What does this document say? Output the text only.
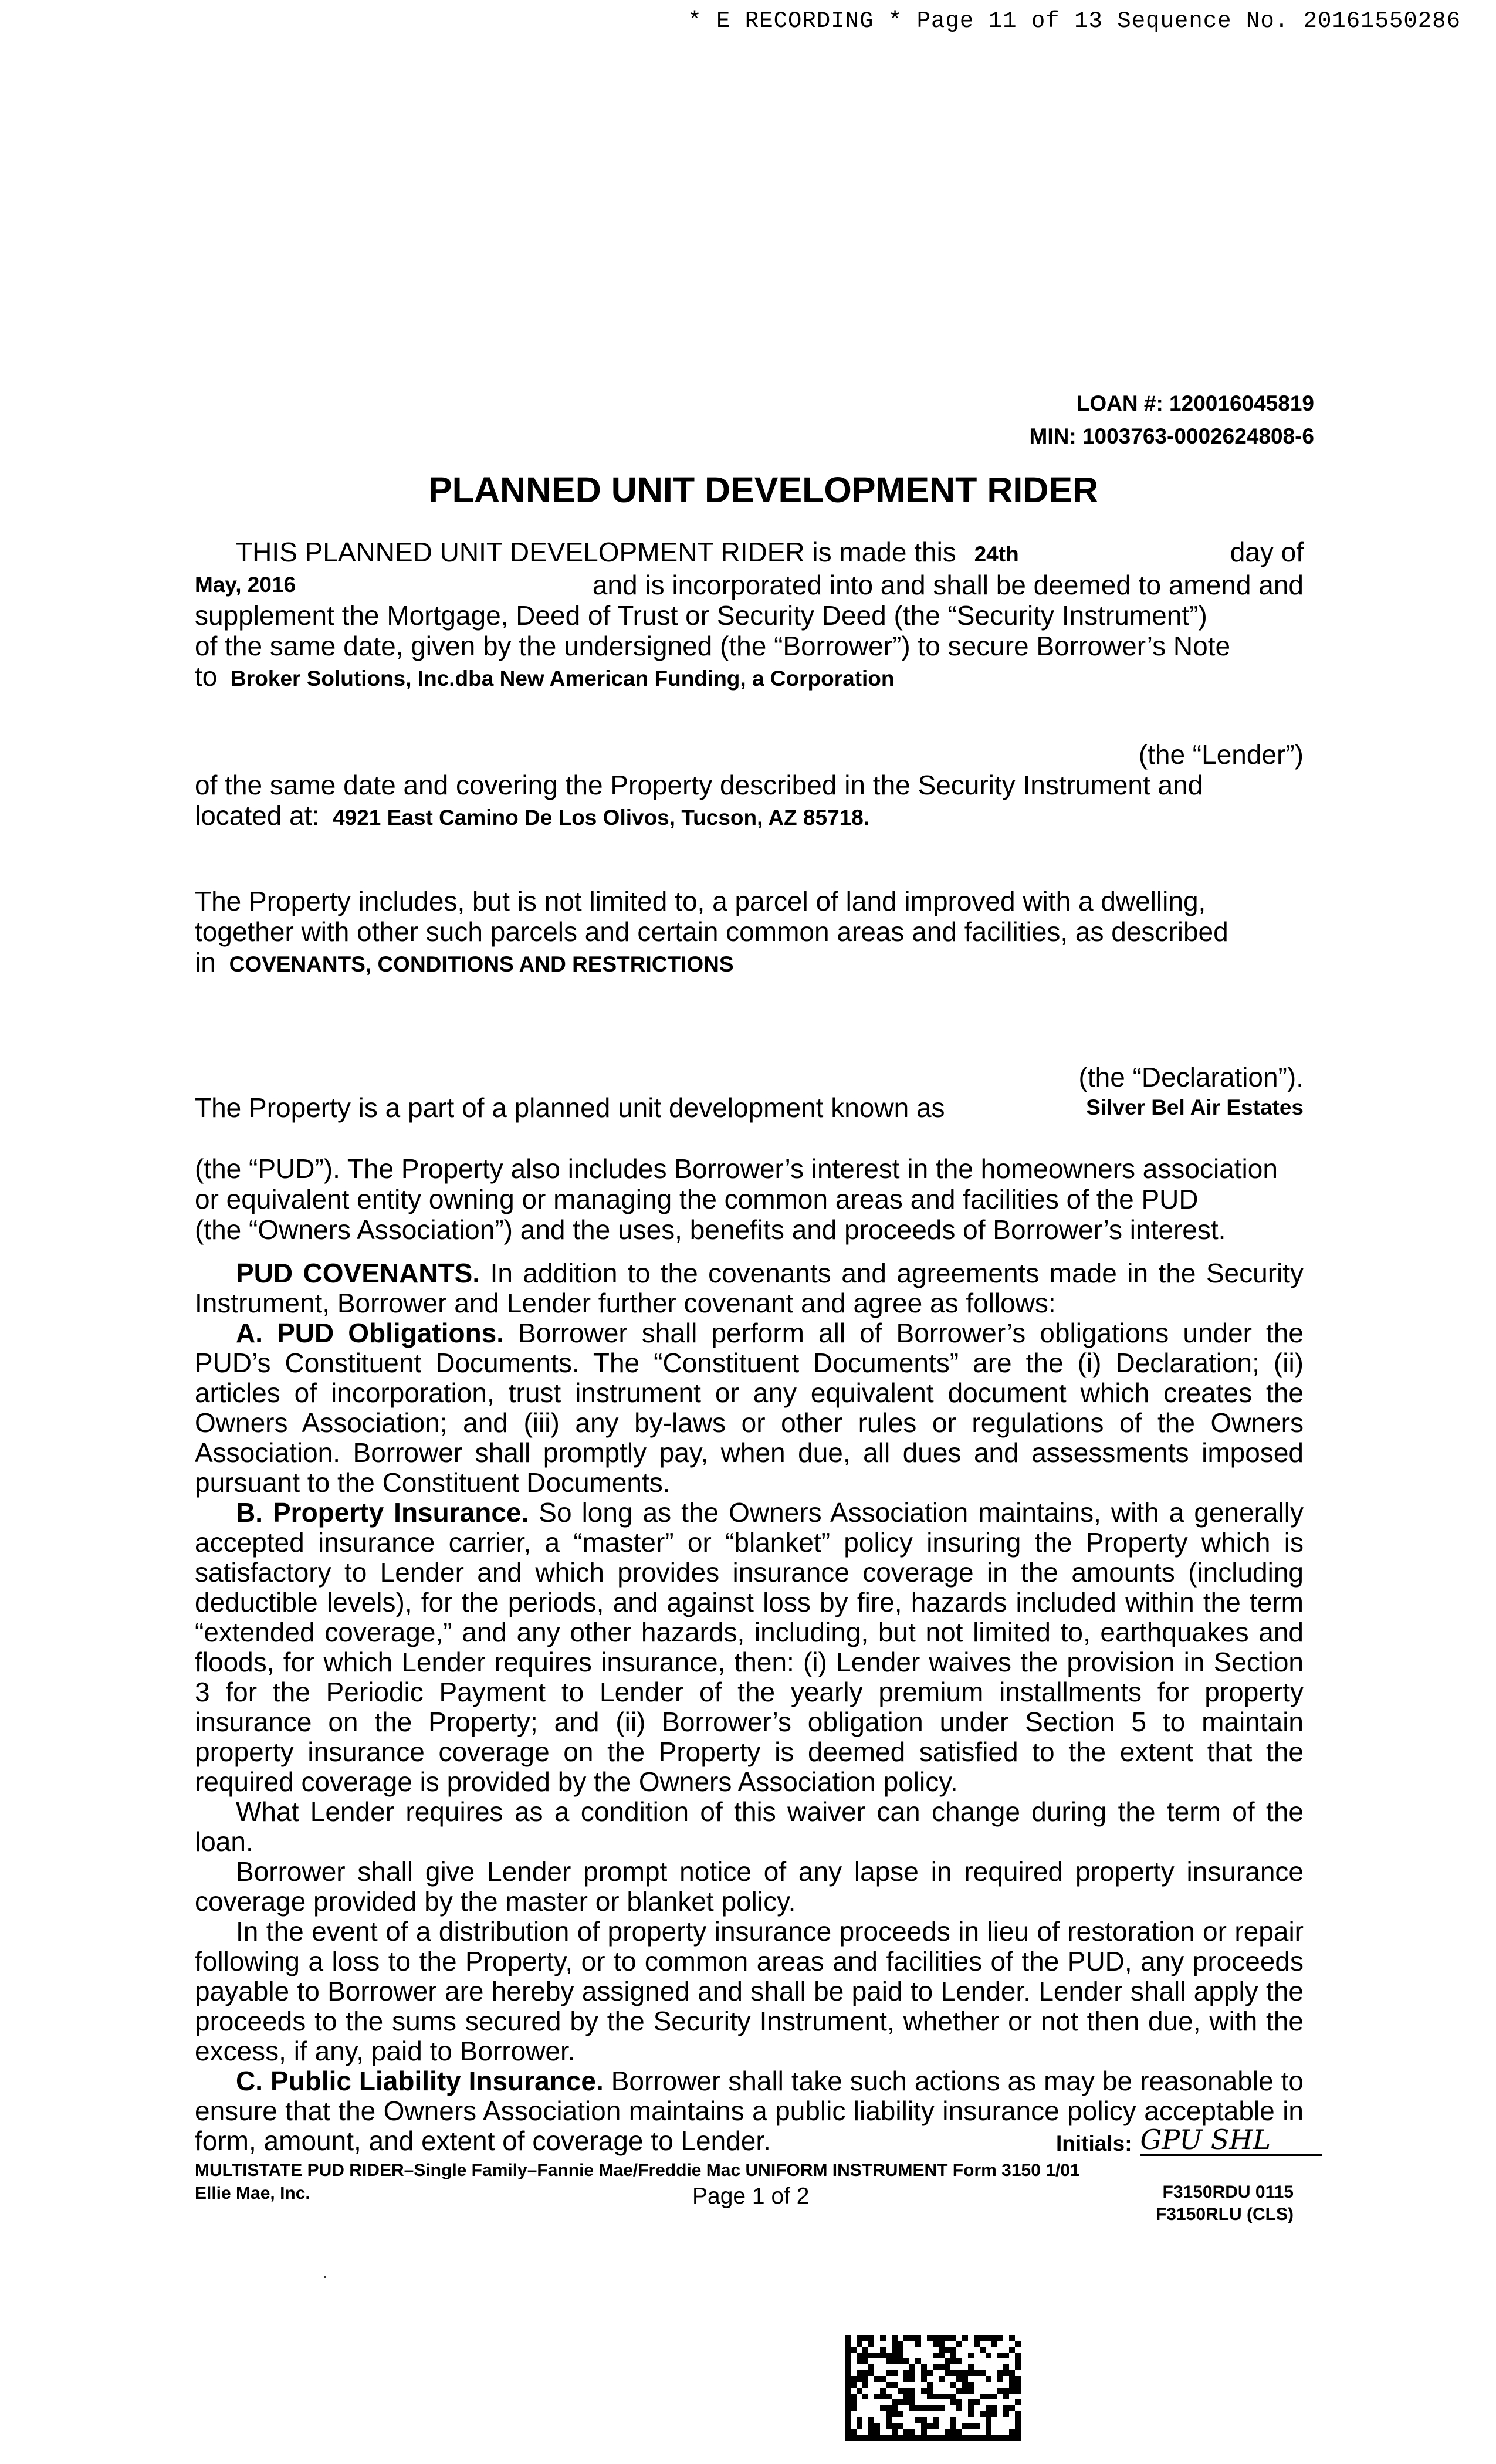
* E RECORDING * Page 11 of 13 Sequence No. 20161550286
LOAN #: 120016045819
MIN: 1003763-0002624808-6
PLANNED UNIT DEVELOPMENT RIDER
THIS PLANNED UNIT DEVELOPMENT RIDER is made this 24th	day of
May, 2016	and is incorporated into and shall be deemed to amend and
supplement the Mortgage, Deed of Trust or Security Deed (the “Security Instrument”)
of the same date, given by the undersigned (the “Borrower”) to secure Borrower’s Note
to Broker Solutions, Inc.dba New American Funding, a Corporation
(the “Lender”)
of the same date and covering the Property described in the Security Instrument and
located at: 4921 East Camino De Los Olivos, Tucson, AZ 85718.
The Property includes, but is not limited to, a parcel of land improved with a dwelling,
together with other such parcels and certain common areas and facilities, as described
in COVENANTS, CONDITIONS AND RESTRICTIONS
(the “Declaration”).
The Property is a part of a planned unit development known as	Silver Bel Air Estates
(the “PUD”). The Property also includes Borrower’s interest in the homeowners association
or equivalent entity owning or managing the common areas and facilities of the PUD
(the “Owners Association”) and the uses, benefits and proceeds of Borrower’s interest.
PUD COVENANTS. In addition to the covenants and agreements made in the Security Instrument, Borrower and Lender further covenant and agree as follows:
A. PUD Obligations. Borrower shall perform all of Borrower’s obligations under the PUD’s Constituent Documents. The “Constituent Documents” are the (i) Declaration; (ii) articles of incorporation, trust instrument or any equivalent document which creates the Owners Association; and (iii) any by-laws or other rules or regulations of the Owners Association. Borrower shall promptly pay, when due, all dues and assessments imposed pursuant to the Constituent Documents.
B. Property Insurance. So long as the Owners Association maintains, with a generally accepted insurance carrier, a “master” or “blanket” policy insuring the Property which is satisfactory to Lender and which provides insurance coverage in the amounts (including deductible levels), for the periods, and against loss by fire, hazards included within the term “extended coverage,” and any other hazards, including, but not limited to, earthquakes and floods, for which Lender requires insurance, then: (i) Lender waives the provision in Section 3 for the Periodic Payment to Lender of the yearly premium installments for property insurance on the Property; and (ii) Borrower’s obligation under Section 5 to maintain property insurance coverage on the Property is deemed satisfied to the extent that the required coverage is provided by the Owners Association policy.
What Lender requires as a condition of this waiver can change during the term of the loan.
Borrower shall give Lender prompt notice of any lapse in required property insurance coverage provided by the master or blanket policy.
In the event of a distribution of property insurance proceeds in lieu of restoration or repair following a loss to the Property, or to common areas and facilities of the PUD, any proceeds payable to Borrower are hereby assigned and shall be paid to Lender. Lender shall apply the proceeds to the sums secured by the Security Instrument, whether or not then due, with the excess, if any, paid to Borrower.
C. Public Liability Insurance. Borrower shall take such actions as may be reasonable to ensure that the Owners Association maintains a public liability insurance policy acceptable in form, amount, and extent of coverage to Lender.	Initials: GPU SHL
MULTISTATE PUD RIDER–Single Family–Fannie Mae/Freddie Mac UNIFORM INSTRUMENT Form 3150 1/01
Ellie Mae, Inc.	Page 1 of 2	F3150RDU 0115
F3150RLU (CLS)
